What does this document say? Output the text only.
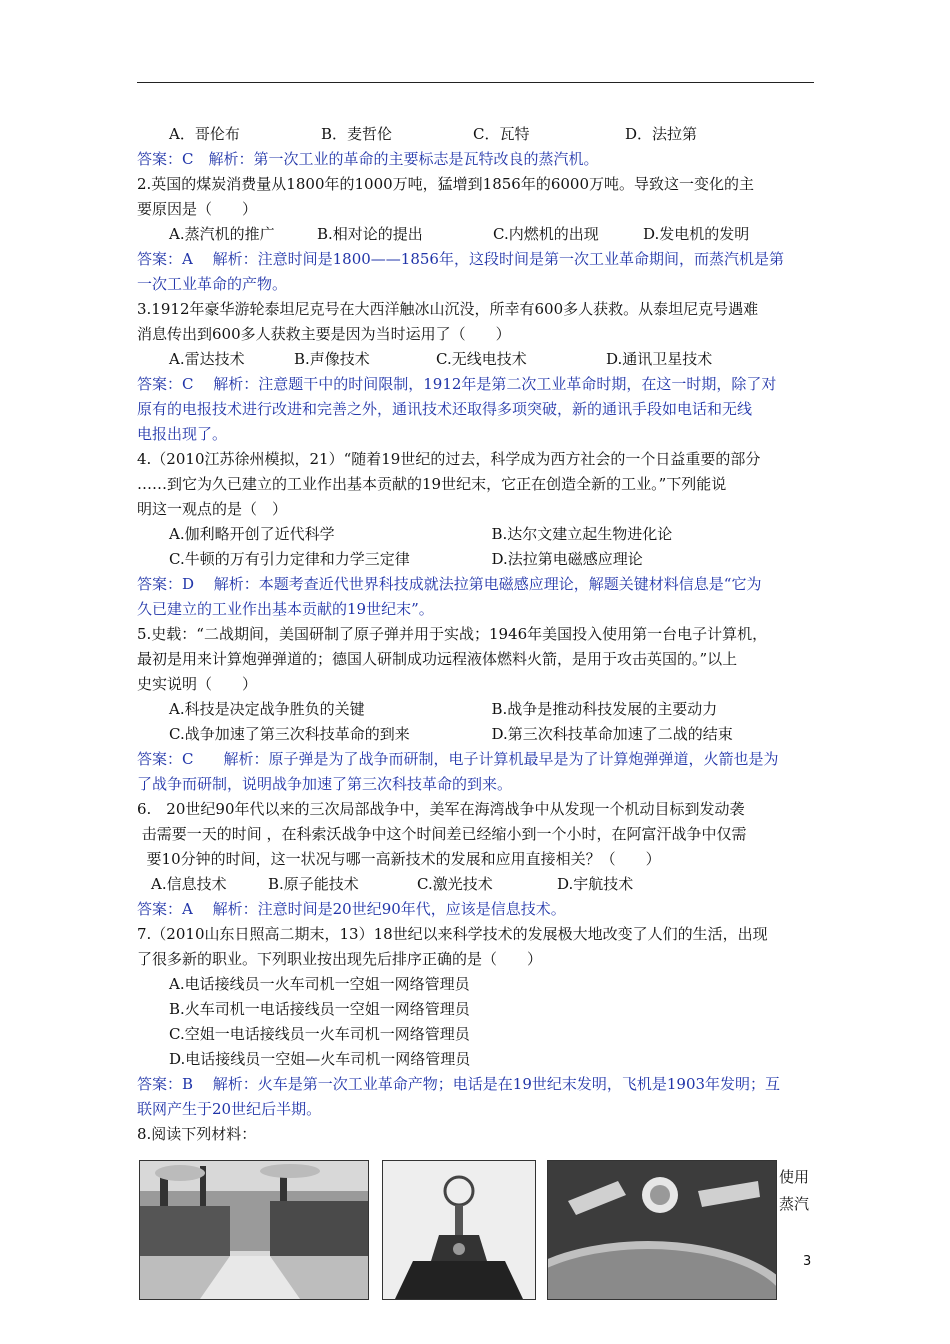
A．哥伦布	B．麦哲伦	C．瓦特	D．法拉第
答案：C　解析：第一次工业的革命的主要标志是瓦特改良的蒸汽机。
2.英国的煤炭消费量从1800年的1000万吨，猛增到1856年的6000万吨。导致这一变化的主
要原因是（　　）
A.蒸汽机的推广	B.相对论的提出	C.内燃机的出现	D.发电机的发明
答案：A　 解析：注意时间是1800——1856年，这段时间是第一次工业革命期间，而蒸汽机是第
一次工业革命的产物。
3.1912年豪华游轮泰坦尼克号在大西洋触冰山沉没，所幸有600多人获救。从泰坦尼克号遇难
消息传出到600多人获救主要是因为当时运用了（　　）
A.雷达技术	B.声像技术	C.无线电技术	D.通讯卫星技术
答案：C　 解析：注意题干中的时间限制，1912年是第二次工业革命时期，在这一时期，除了对
原有的电报技术进行改进和完善之外，通讯技术还取得多项突破，新的通讯手段如电话和无线
电报出现了。
4.（2010江苏徐州模拟，21）“随着19世纪的过去，科学成为西方社会的一个日益重要的部分
……到它为久已建立的工业作出基本贡献的19世纪末，它正在创造全新的工业。”下列能说
明这一观点的是（　）
A.伽利略开创了近代科学	B.达尔文建立起生物进化论
C.牛顿的万有引力定律和力学三定律	D.法拉第电磁感应理论
答案：D　 解析：本题考查近代世界科技成就法拉第电磁感应理论，解题关键材料信息是“它为
久已建立的工业作出基本贡献的19世纪末”。
5.史载：“二战期间，美国研制了原子弹并用于实战；1946年美国投入使用第一台电子计算机，
最初是用来计算炮弹弹道的；德国人研制成功远程液体燃料火箭，是用于攻击英国的。”以上
史实说明（　　）
A.科技是决定战争胜负的关键	B.战争是推动科技发展的主要动力
C.战争加速了第三次科技革命的到来	D.第三次科技革命加速了二战的结束
答案：C　　解析：原子弹是为了战争而研制，电子计算机最早是为了计算炮弹弹道，火箭也是为
了战争而研制，说明战争加速了第三次科技革命的到来。
6.　20世纪90年代以来的三次局部战争中，美军在海湾战争中从发现一个机动目标到发动袭
击需要一天的时间 ，在科索沃战争中这个时间差已经缩小到一个小时，在阿富汗战争中仅需
要10分钟的时间，这一状况与哪一高新技术的发展和应用直接相关？（　　）
A.信息技术	B.原子能技术	C.激光技术	D.宇航技术
答案：A　 解析：注意时间是20世纪90年代，应该是信息技术。
7.（2010山东日照高二期末，13）18世纪以来科学技术的发展极大地改变了人们的生活，出现
了很多新的职业。下列职业按出现先后排序正确的是（　　）
A.电话接线员一火车司机一空姐一网络管理员
B.火车司机一电话接线员一空姐一网络管理员
C.空姐一电话接线员一火车司机一网络管理员
D.电话接线员一空姐—火车司机一网络管理员
答案：B　 解析：火车是第一次工业革命产物；电话是在19世纪末发明，飞机是1903年发明；互
联网产生于20世纪后半期。
8.阅读下列材料：
使用
蒸汽
3
